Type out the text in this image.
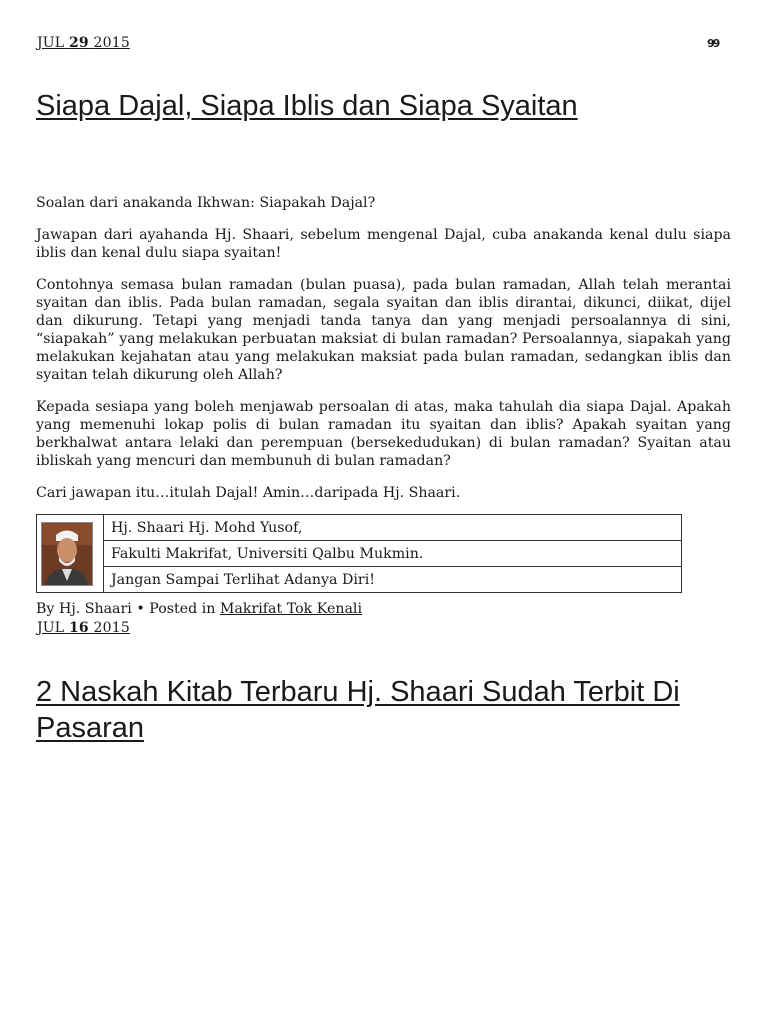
JUL 29 2015	99
Siapa Dajal, Siapa Iblis dan Siapa Syaitan

Soalan dari anakanda Ikhwan: Siapakah Dajal?

Jawapan dari ayahanda Hj. Shaari, sebelum mengenal Dajal, cuba anakanda kenal dulu siapa iblis dan kenal dulu siapa syaitan!

Contohnya semasa bulan ramadan (bulan puasa), pada bulan ramadan, Allah telah merantai syaitan dan iblis. Pada bulan ramadan, segala syaitan dan iblis dirantai, dikunci, diikat, dijel dan dikurung. Tetapi yang menjadi tanda tanya dan yang menjadi persoalannya di sini, “siapakah” yang melakukan perbuatan maksiat di bulan ramadan? Persoalannya, siapakah yang melakukan kejahatan atau yang melakukan maksiat pada bulan ramadan, sedangkan iblis dan syaitan telah dikurung oleh Allah?

Kepada sesiapa yang boleh menjawab persoalan di atas, maka tahulah dia siapa Dajal. Apakah yang memenuhi lokap polis di bulan ramadan itu syaitan dan iblis? Apakah syaitan yang berkhalwat antara lelaki dan perempuan (bersekedudukan) di bulan ramadan? Syaitan atau ibliskah yang mencuri dan membunuh di bulan ramadan?

Cari jawapan itu…itulah Dajal! Amin…daripada Hj. Shaari.

	Hj. Shaari Hj. Mohd Yusof,
Fakulti Makrifat, Universiti Qalbu Mukmin.
Jangan Sampai Terlihat Adanya Diri!
By Hj. Shaari • Posted in Makrifat Tok Kenali
JUL 16 2015
2 Naskah Kitab Terbaru Hj. Shaari Sudah Terbit Di Pasaran
